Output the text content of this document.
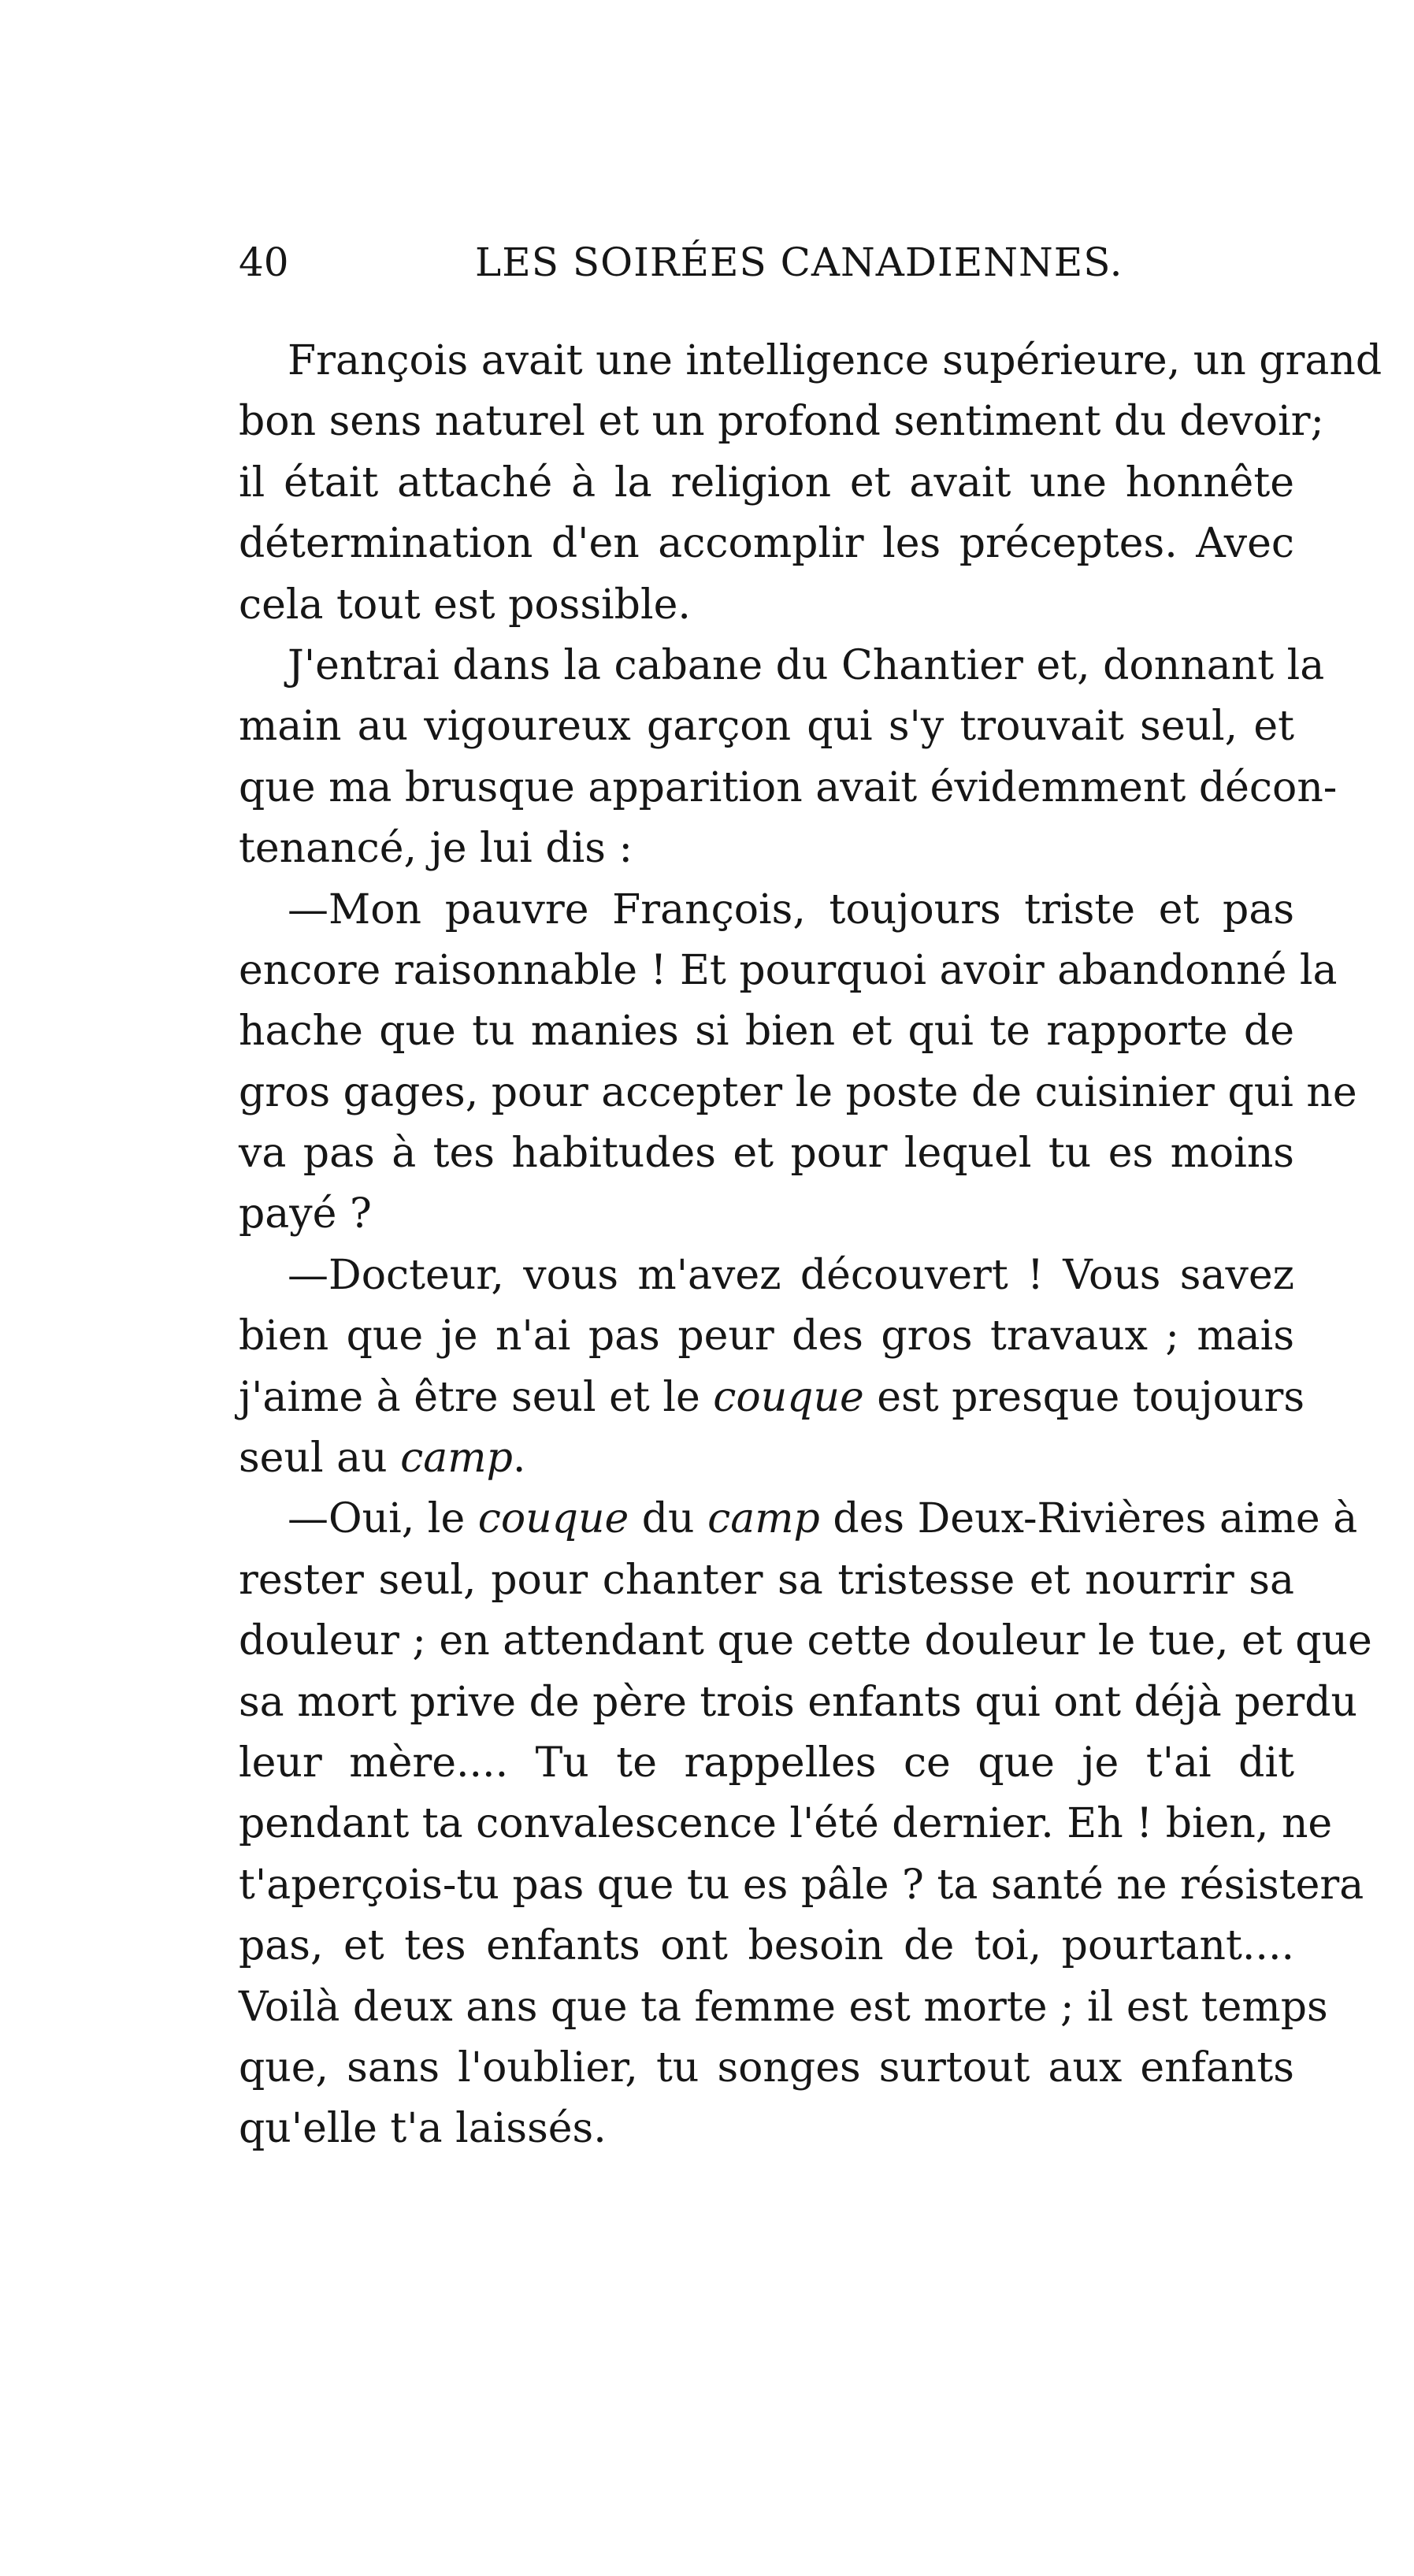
40	LES SOIRÉES CANADIENNES.
François avait une intelligence supérieure, un grand
bon sens naturel et un profond sentiment du devoir;
il était attaché à la religion et avait une honnête
détermination d'en accomplir les préceptes. Avec
cela tout est possible.
J'entrai dans la cabane du Chantier et, donnant la
main au vigoureux garçon qui s'y trouvait seul, et
que ma brusque apparition avait évidemment décon-
tenancé, je lui dis :
—Mon pauvre François, toujours triste et pas
encore raisonnable ! Et pourquoi avoir abandonné la
hache que tu manies si bien et qui te rapporte de
gros gages, pour accepter le poste de cuisinier qui ne
va pas à tes habitudes et pour lequel tu es moins
payé ?
—Docteur, vous m'avez découvert ! Vous savez
bien que je n'ai pas peur des gros travaux ; mais
j'aime à être seul et le couque est presque toujours
seul au camp.
—Oui, le couque du camp des Deux-Rivières aime à
rester seul, pour chanter sa tristesse et nourrir sa
douleur ; en attendant que cette douleur le tue, et que
sa mort prive de père trois enfants qui ont déjà perdu
leur mère.... Tu te rappelles ce que je t'ai dit
pendant ta convalescence l'été dernier. Eh ! bien, ne
t'aperçois-tu pas que tu es pâle ? ta santé ne résistera
pas, et tes enfants ont besoin de toi, pourtant....
Voilà deux ans que ta femme est morte ; il est temps
que, sans l'oublier, tu songes surtout aux enfants
qu'elle t'a laissés.
